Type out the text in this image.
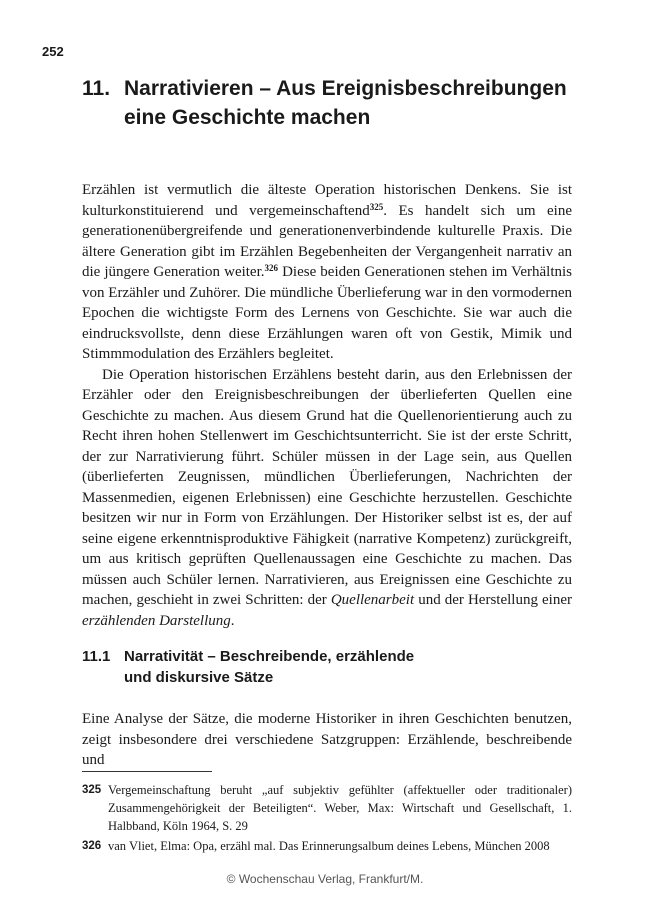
252
11. Narrativieren – Aus Ereignisbeschreibungen eine Geschichte machen

Erzählen ist vermutlich die älteste Operation historischen Denkens. Sie ist kulturkonstituierend und vergemeinschaftend$^{325}$. Es handelt sich um eine generationenübergreifende und generationenverbindende kulturelle Praxis. Die ältere Generation gibt im Erzählen Begebenheiten der Vergangenheit narrativ an die jüngere Generation weiter.$^{326}$ Diese beiden Generationen stehen im Verhältnis von Erzähler und Zuhörer. Die mündliche Überlieferung war in den vormodernen Epochen die wichtigste Form des Lernens von Geschichte. Sie war auch die eindrucksvollste, denn diese Erzählungen waren oft von Gestik, Mimik und Stimmmodulation des Erzählers begleitet.

Die Operation historischen Erzählens besteht darin, aus den Erlebnissen der Erzähler oder den Ereignisbeschreibungen der überlieferten Quellen eine Geschichte zu machen. Aus diesem Grund hat die Quellenorientierung auch zu Recht ihren hohen Stellenwert im Geschichtsunterricht. Sie ist der erste Schritt, der zur Narrativierung führt. Schüler müssen in der Lage sein, aus Quellen (überlieferten Zeugnissen, mündlichen Überlieferungen, Nachrichten der Massenmedien, eigenen Erlebnissen) eine Geschichte herzustellen. Geschichte besitzen wir nur in Form von Erzählungen. Der Historiker selbst ist es, der auf seine eigene erkenntnisproduktive Fähigkeit (narrative Kompetenz) zurückgreift, um aus kritisch geprüften Quellenaussagen eine Geschichte zu machen. Das müssen auch Schüler lernen. Narrativieren, aus Ereignissen eine Geschichte zu machen, geschieht in zwei Schritten: der Quellenarbeit und der Herstellung einer erzählenden Darstellung.

11.1 Narrativität – Beschreibende, erzählende
und diskursive Sätze

Eine Analyse der Sätze, die moderne Historiker in ihren Geschichten benutzen, zeigt insbesondere drei verschiedene Satzgruppen: Erzählende, beschreibende und

325 Vergemeinschaftung beruht „auf subjektiv gefühlter (affektueller oder traditionaler) Zusammengehörigkeit der Beteiligten“. Weber, Max: Wirtschaft und Gesellschaft, 1. Halbband, Köln 1964, S. 29
326 van Vliet, Elma: Opa, erzähl mal. Das Erinnerungsalbum deines Lebens, München 2008
© Wochenschau Verlag, Frankfurt/M.
